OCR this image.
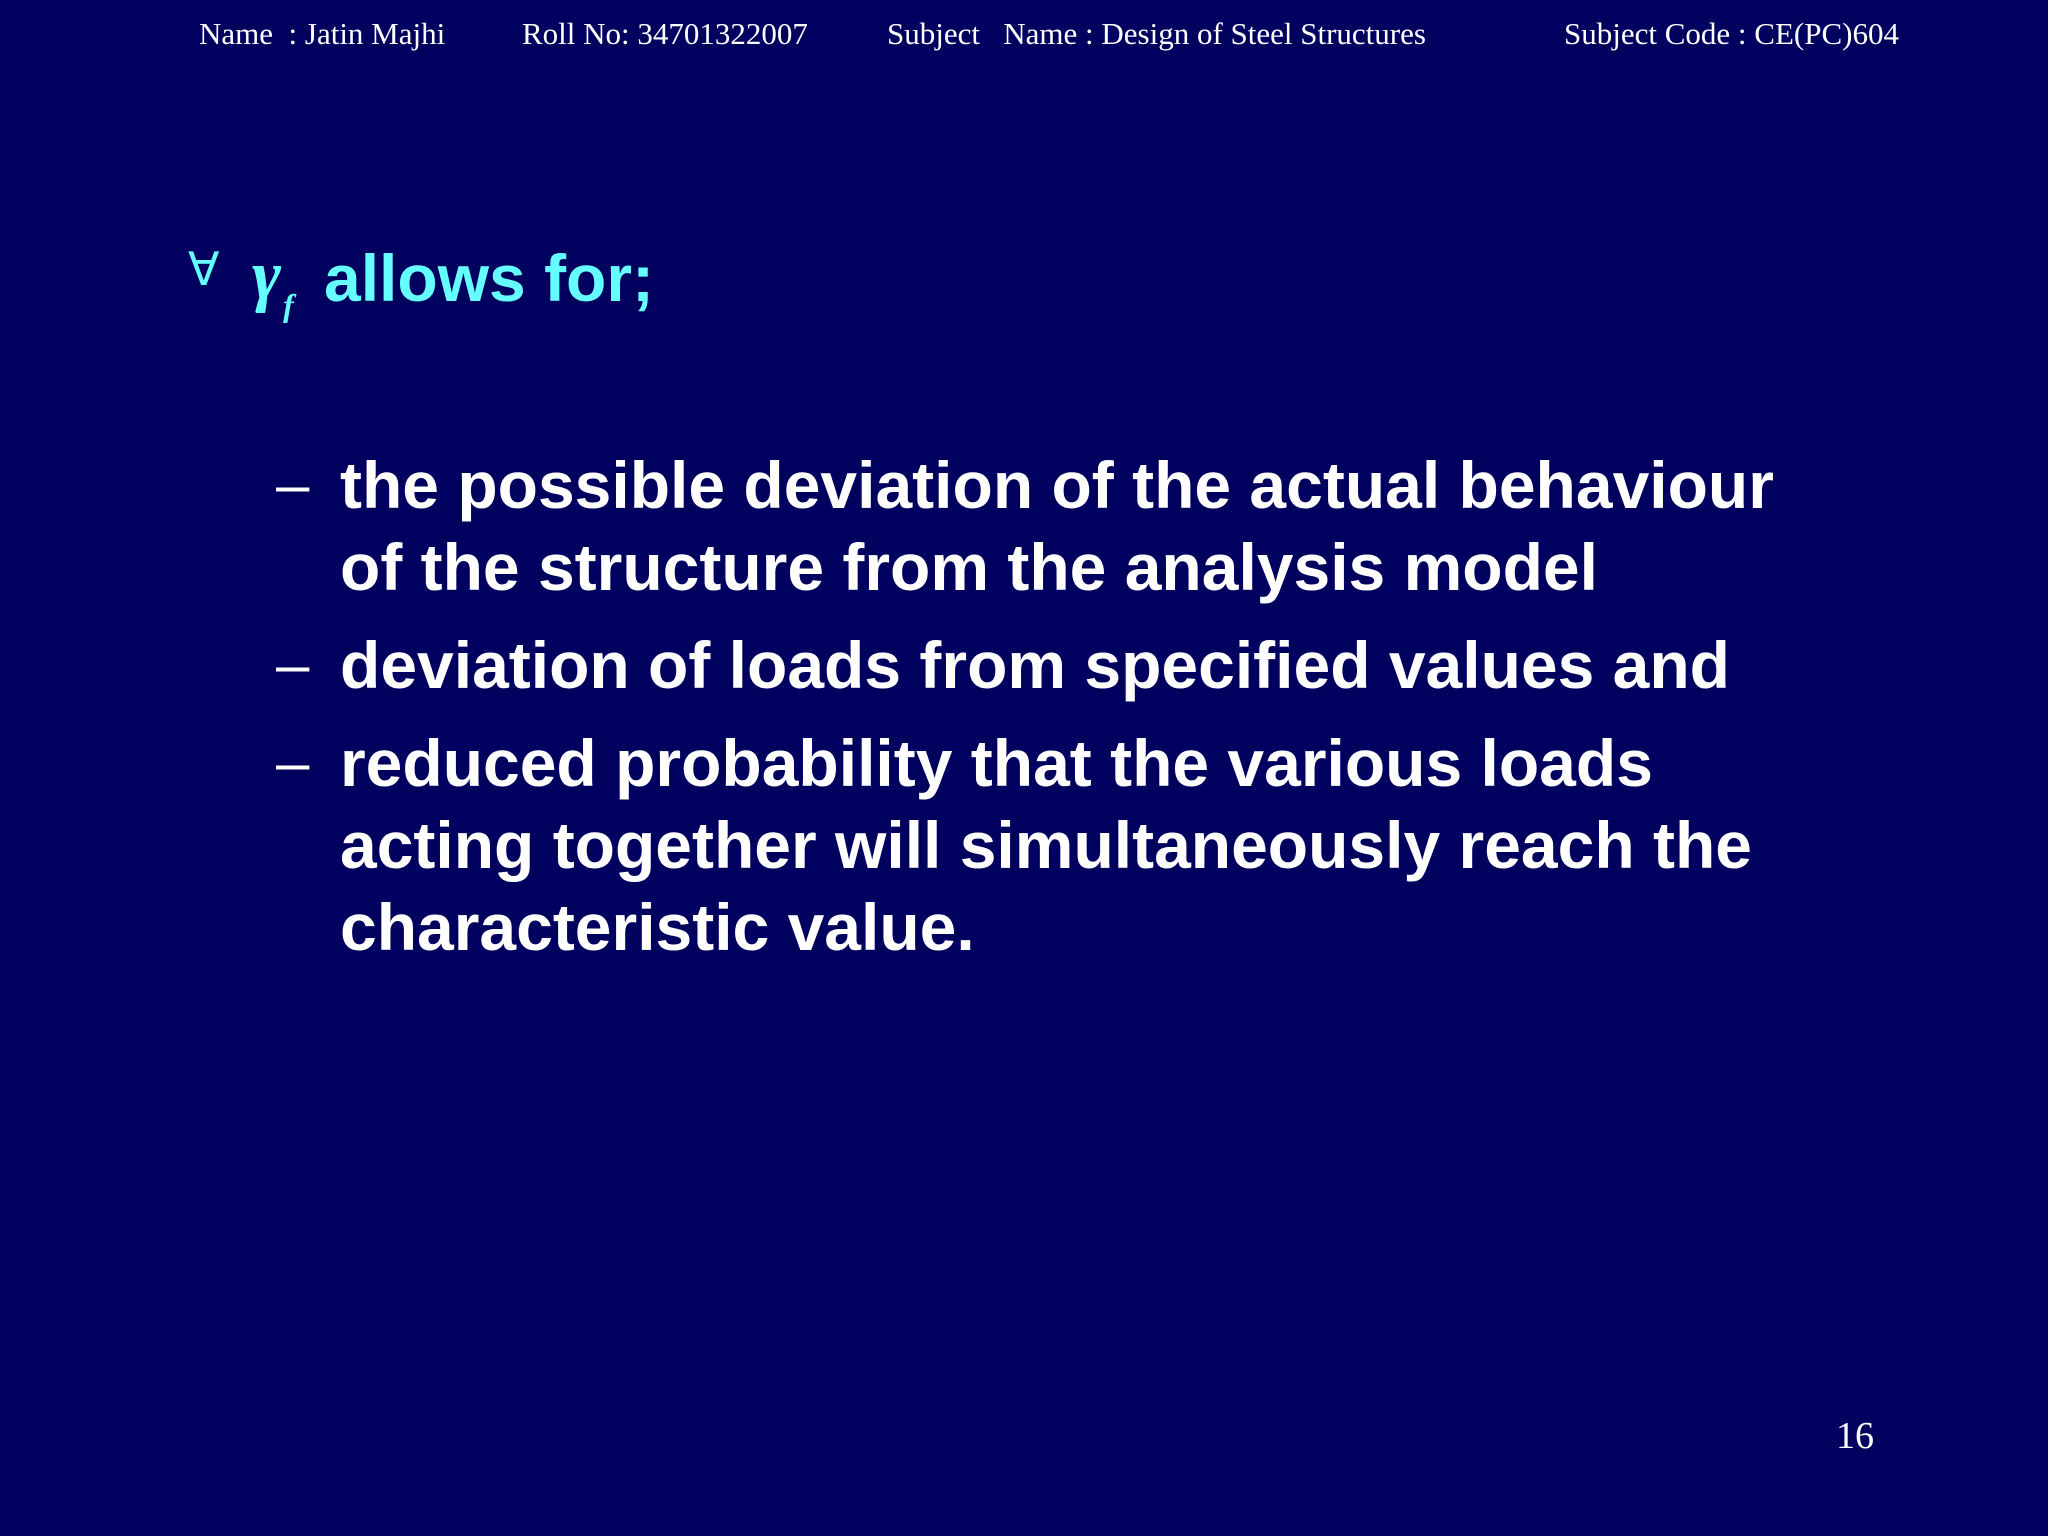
Name  : Jatin Majhi Roll No: 34701322007	Subject   Name : Design of Steel Structures	Subject Code : CE(PC)604
∀ $\gamma_f$ allows for;
– the possible deviation of the actual behaviour
of the structure from the analysis model
– deviation of loads from specified values and
– reduced probability that the various loads
acting together will simultaneously reach the
characteristic value.
16
